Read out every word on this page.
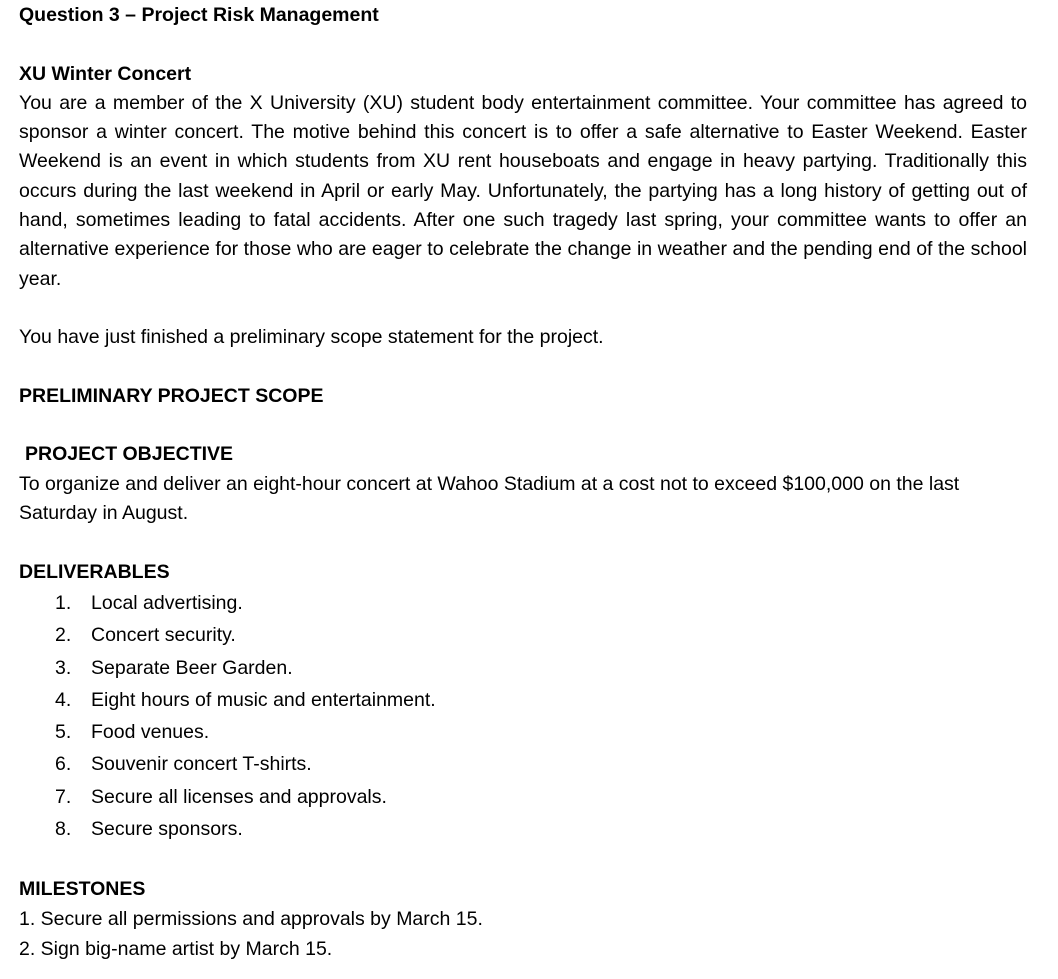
Question 3 – Project Risk Management
XU Winter Concert
You are a member of the X University (XU) student body entertainment committee. Your committee has agreed to sponsor a winter concert. The motive behind this concert is to offer a safe alternative to Easter Weekend. Easter Weekend is an event in which students from XU rent houseboats and engage in heavy partying. Traditionally this occurs during the last weekend in April or early May. Unfortunately, the partying has a long history of getting out of hand, sometimes leading to fatal accidents. After one such tragedy last spring, your committee wants to offer an alternative experience for those who are eager to celebrate the change in weather and the pending end of the school year.
You have just finished a preliminary scope statement for the project.
PRELIMINARY PROJECT SCOPE
PROJECT OBJECTIVE
To organize and deliver an eight-hour concert at Wahoo Stadium at a cost not to exceed $100,000 on the last Saturday in August.
DELIVERABLES
1.	Local advertising.
2.	Concert security.
3.	Separate Beer Garden.
4.	Eight hours of music and entertainment.
5.	Food venues.
6.	Souvenir concert T-shirts.
7.	Secure all licenses and approvals.
8.	Secure sponsors.
MILESTONES
1. Secure all permissions and approvals by March 15.
2. Sign big-name artist by March 15.
